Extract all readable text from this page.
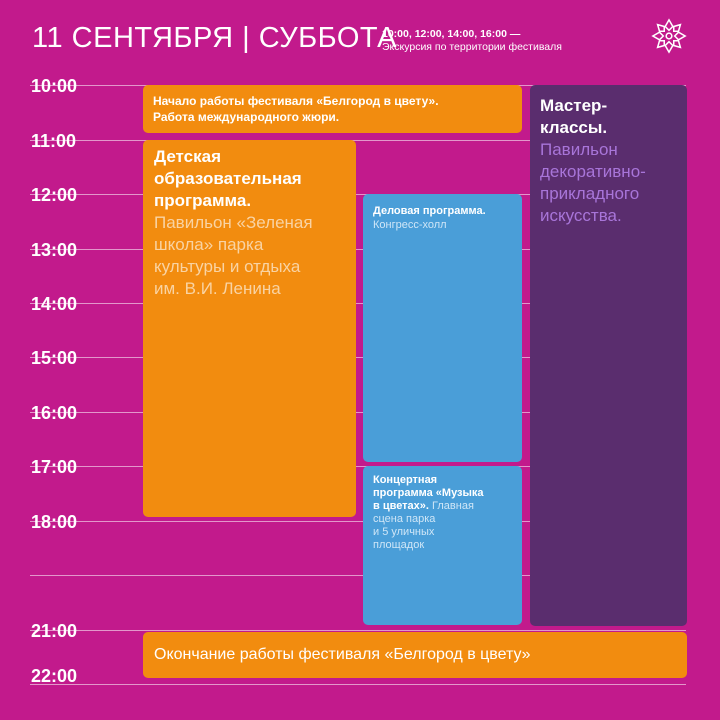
11 СЕНТЯБРЯ | СУББОТА
10:00, 12:00, 14:00, 16:00 —
Экскурсия по территории фестиваля
10:00
11:00
12:00
13:00
14:00
15:00
16:00
17:00
18:00
21:00
22:00
Начало работы фестиваля «Белгород в цвету».
Работа международного жюри.
Детская
образовательная
программа.
Павильон «Зеленая
школа» парка
культуры и отдыха
им. В.И. Ленина
Деловая программа.
Конгресс-холл
Концертная
программа «Музыка
в цветах». Главная
сцена парка
и 5 уличных
площадок
Мастер-
классы.
Павильон
декоративно-
прикладного
искусства.
Окончание работы фестиваля «Белгород в цвету»
